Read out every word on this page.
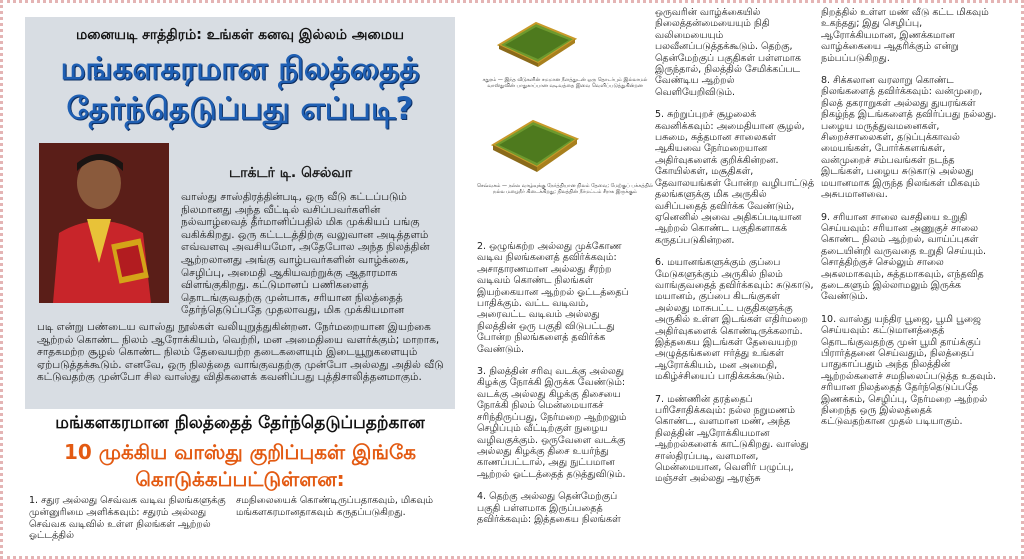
மனையடி சாத்திரம்: உங்கள் கனவு இல்லம் அமைய
மங்களகரமான நிலத்தைத்
தேர்ந்தெடுப்பது எப்படி?
டாக்டர் டி. செல்வா
வாஸ்து சாஸ்திரத்தின்படி, ஒரு வீடு கட்டப்படும் நிலமானது அந்த வீட்டில் வசிப்பவர்களின் நல்வாழ்வைத் தீர்மானிப்பதில் மிக முக்கியப் பங்கு வகிக்கிறது. ஒரு கட்டடத்திற்கு வலுவான அடித்தளம் எவ்வளவு அவசியமோ, அதேபோல அந்த நிலத்தின் ஆற்றலானது அங்கு வாழ்பவர்களின் வாழ்க்கை, செழிப்பு, அமைதி ஆகியவற்றுக்கு ஆதாரமாக விளங்குகிறது. கட்டுமானப் பணிகளைத் தொடங்குவதற்கு முன்பாக, சரியான நிலத்தைத் தேர்ந்தெடுப்பதே முதலாவது, மிக முக்கியமான
படி என்று பண்டைய வாஸ்து நூல்கள் வலியுறுத்துகின்றன. நேர்மறையான இயற்கை ஆற்றல் கொண்ட நிலம் ஆரோக்கியம், வெற்றி, மன அமைதியை வளர்க்கும்; மாறாக, சாதகமற்ற சூழல் கொண்ட நிலம் தேவையற்ற தடைகளையும் இடையூறுகளையும் ஏற்படுத்தக்கூடும். எனவே, ஒரு நிலத்தை வாங்குவதற்கு முன்போ அல்லது அதில் வீடு கட்டுவதற்கு முன்போ சில வாஸ்து விதிகளைக் கவனிப்பது புத்திசாலித்தனமாகும்.
மங்களகரமான நிலத்தைத் தேர்ந்தெடுப்பதற்கான
10 முக்கிய வாஸ்து குறிப்புகள் இங்கே
கொடுக்கப்பட்டுள்ளன:
1. சதுர அல்லது செவ்வக வடிவ நிலங்களுக்கு முன்னுரிமை அளிக்கவும்: சதுரம் அல்லது செவ்வக வடிவில் உள்ள நிலங்கள் ஆற்றல் ஓட்டத்தில்
சமநிலையைக் கொண்டிருப்பதாகவும், மிகவும் மங்களகரமானதாகவும் கருதப்படுகிறது.
சதுரம் — இந்த வீடுகளின் சமமான நீளத்துடன் ஒரு தொடர்பும் இல்லாமல் வாஸ்துவின் பாதுகாப்பான வடிவத்தை இவை வெளிப்படுத்துகின்றன
செவ்வகம் — நல்ல வாழ்வுக்கு நேர்த்தியான நிலம் தேவை; மேற்குப் பக்கத்தில் நல்ல மழைநீர் கிடைக்கிறது; நிலத்தின் நீர்மட்டம் சீராக இருக்கும்

2. ஒழுங்கற்ற அல்லது முக்கோண வடிவ நிலங்களைத் தவிர்க்கவும்: அசாதாரணமான அல்லது சீரற்ற வடிவம் கொண்ட நிலங்கள் இயற்கையான ஆற்றல் ஓட்டத்தைப் பாதிக்கும். வட்ட வடிவம், அரைவட்ட வடிவம் அல்லது நிலத்தின் ஒரு பகுதி விடுபட்டது போன்ற நிலங்களைத் தவிர்க்க வேண்டும்.

3. நிலத்தின் சரிவு வடக்கு அல்லது கிழக்கு நோக்கி இருக்க வேண்டும்: வடக்கு அல்லது கிழக்கு திசையை நோக்கி நிலம் மென்மையாகச் சரிந்திருப்பது, நேர்மறை ஆற்றலும் செழிப்பும் வீட்டிற்குள் நுழைய வழிவகுக்கும். ஒருவேளை வடக்கு அல்லது கிழக்கு திசை உயர்ந்து காணப்பட்டால், அது நுட்பமான ஆற்றல் ஓட்டத்தைத் தடுத்துவிடும்.

4. தெற்கு அல்லது தென்மேற்குப் பகுதி பள்ளமாக இருப்பதைத் தவிர்க்கவும்: இத்தகைய நிலங்கள்

ஒருவரின் வாழ்க்கையில் நிலைத்தன்மையையும் நிதி வலிமையையும் பலவீனப்படுத்தக்கூடும். தெற்கு, தென்மேற்குப் பகுதிகள் பள்ளமாக இருந்தால், நிலத்தில் சேமிக்கப்பட வேண்டிய ஆற்றல் வெளியேறிவிடும்.

5. சுற்றுப்புறச் சூழலைக் கவனிக்கவும்: அமைதியான சூழல், பசுமை, சுத்தமான சாலைகள் ஆகியவை நேர்மறையான அதிர்வுகளைக் குறிக்கின்றன. கோயில்கள், மசூதிகள், தேவாலயங்கள் போன்ற வழிபாட்டுத் தலங்களுக்கு மிக அருகில் வசிப்பதைத் தவிர்க்க வேண்டும், ஏனெனில் அவை அதிகப்படியான ஆற்றல் கொண்ட பகுதிகளாகக் கருதப்படுகின்றன.

6. மயானங்களுக்கும் குப்பை மேடுகளுக்கும் அருகில் நிலம் வாங்குவதைத் தவிர்க்கவும்: சுடுகாடு, மயானம், குப்பை கிடங்குகள் அல்லது மாசுபட்ட பகுதிகளுக்கு அருகில் உள்ள இடங்கள் எதிர்மறை அதிர்வுகளைக் கொண்டிருக்கலாம். இத்தகைய இடங்கள் தேவையற்ற அழுத்தங்களை ஈர்த்து உங்கள் ஆரோக்கியம், மன அமைதி, மகிழ்ச்சியைப் பாதிக்கக்கூடும்.

7. மண்ணின் தரத்தைப் பரிசோதிக்கவும்: நல்ல நறுமணம் கொண்ட, வளமான மண், அந்த நிலத்தின் ஆரோக்கியமான ஆற்றல்களைக் காட்டுகிறது. வாஸ்து சாஸ்திரப்படி, வளமான, மென்மையான, வெளிர் பழுப்பு, மஞ்சள் அல்லது ஆரஞ்சு

நிறத்தில் உள்ள மண் வீடு கட்ட மிகவும் உகந்தது; இது செழிப்பு, ஆரோக்கியமான, இணக்கமான வாழ்க்கையை ஆதரிக்கும் என்று நம்பப்படுகிறது.

8. சிக்கலான வரலாறு கொண்ட நிலங்களைத் தவிர்க்கவும்: வன்முறை, நிலத் தகராறுகள் அல்லது துயரங்கள் நிகழ்ந்த இடங்களைத் தவிர்ப்பது நல்லது. பழைய மருத்துவமனைகள், சிறைச்சாலைகள், தடுப்புக்காவல் மையங்கள், போர்க்களங்கள், வன்முறைச் சம்பவங்கள் நடந்த இடங்கள், பழைய சுடுகாடு அல்லது மயானமாக இருந்த நிலங்கள் மிகவும் அசுபமானவை.

9. சரியான சாலை வசதியை உறுதி செய்யவும்: சரியான அணுகுச் சாலை கொண்ட நிலம் ஆற்றல், வாய்ப்புகள் தடையின்றி வருவதை உறுதி செய்யும். சொத்திற்குச் செல்லும் சாலை அகலமாகவும், சுத்தமாகவும், எந்தவித தடைகளும் இல்லாமலும் இருக்க வேண்டும்.

10. வாஸ்து யந்திர பூஜை, பூமி பூஜை செய்யவும்: கட்டுமானத்தைத் தொடங்குவதற்கு முன் பூமி தாய்க்குப் பிரார்த்தனை செய்வதும், நிலத்தைப் பாதுகாப்பதும் அந்த நிலத்தின் ஆற்றல்களைச் சமநிலைப்படுத்த உதவும். சரியான நிலத்தைத் தேர்ந்தெடுப்பதே இணக்கம், செழிப்பு, நேர்மறை ஆற்றல் நிறைந்த ஒரு இல்லத்தைக் கட்டுவதற்கான முதல் படியாகும்.
